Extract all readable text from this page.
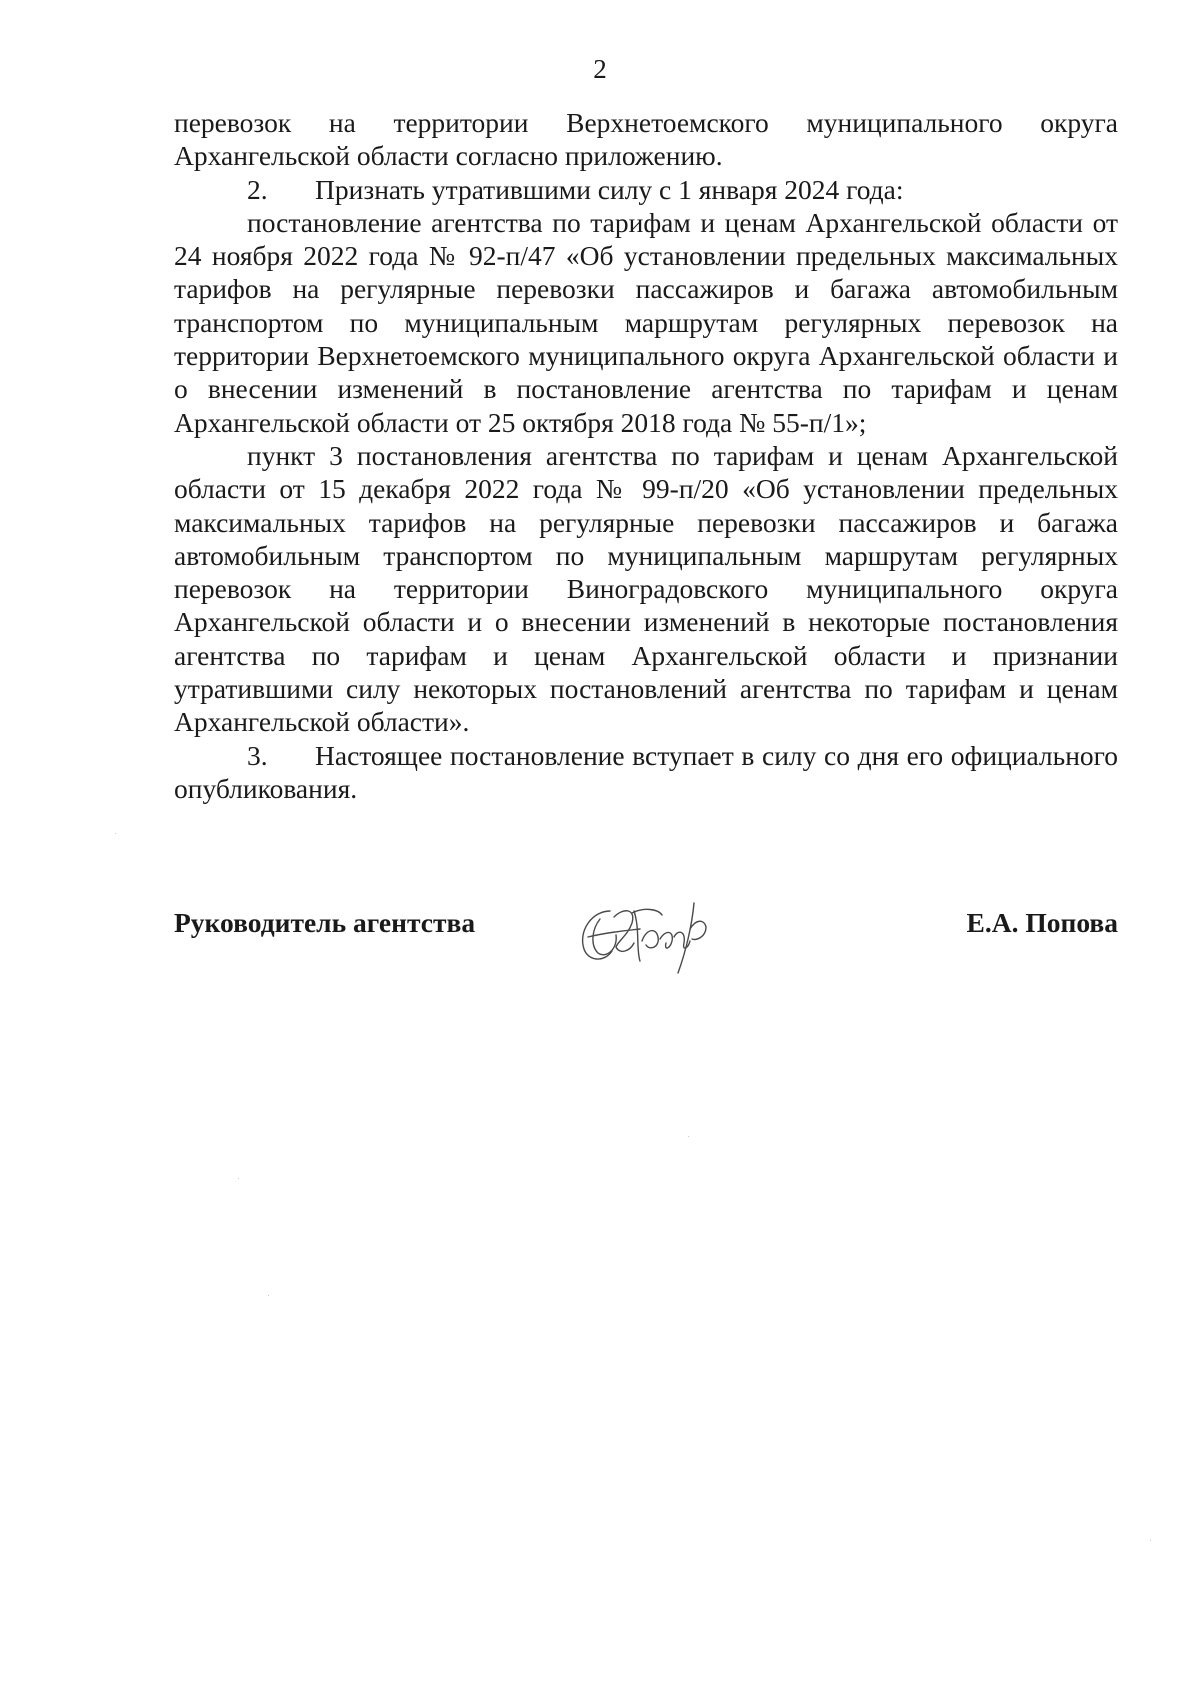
2

перевозок на территории Верхнетоемского муниципального округа Архангельской области согласно приложению.

2. Признать утратившими силу с 1 января 2024 года:

постановление агентства по тарифам и ценам Архангельской области от 24 ноября 2022 года № 92-п/47 «Об установлении предельных максимальных тарифов на регулярные перевозки пассажиров и багажа автомобильным транспортом по муниципальным маршрутам регулярных перевозок на территории Верхнетоемского муниципального округа Архангельской области и о внесении изменений в постановление агентства по тарифам и ценам Архангельской области от 25 октября 2018 года № 55-п/1»;

пункт 3 постановления агентства по тарифам и ценам Архангельской области от 15 декабря 2022 года № 99-п/20 «Об установлении предельных максимальных тарифов на регулярные перевозки пассажиров и багажа автомобильным транспортом по муниципальным маршрутам регулярных перевозок на территории Виноградовского муниципального округа Архангельской области и о внесении изменений в некоторые постановления агентства по тарифам и ценам Архангельской области и признании утратившими силу некоторых постановлений агентства по тарифам и ценам Архангельской области».

3. Настоящее постановление вступает в силу со дня его официального опубликования.

Руководитель агентства	Е.А. Попова
